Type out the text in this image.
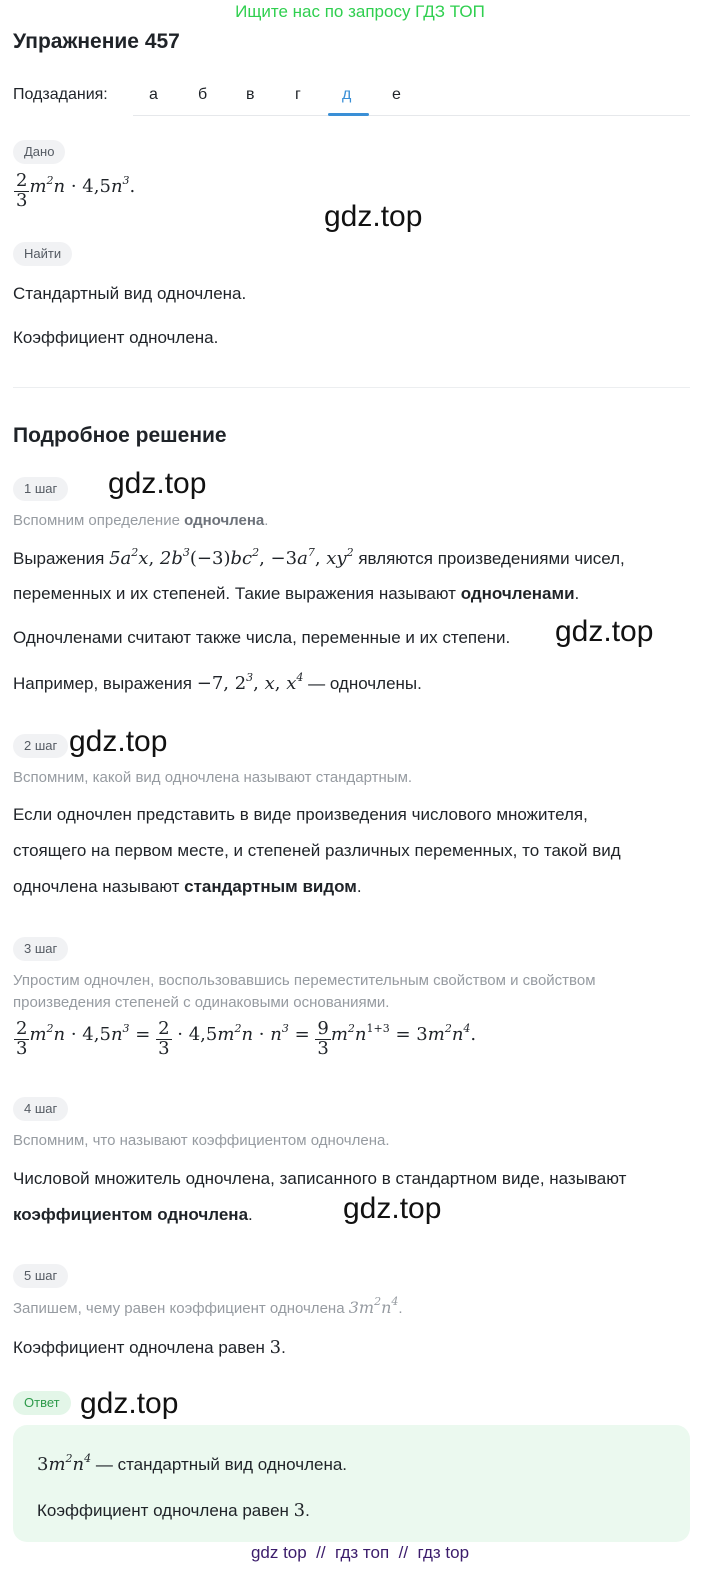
Ищите нас по запросу ГДЗ ТОП
Упражнение 457
Подзадания:	а	б в	г	д	е
Дано
$\frac{2}{3} m^2n \cdot 4,5n^3$.
gdz.top
Найти
Стандартный вид одночлена.
Коэффициент одночлена.
Подробное решение
1 шаг	gdz.top
Вспомним определение одночлена.
Выражения $5a^2x$, $2b^3(-3)bc^2$, $-3a^7$, $xy^2$ являются произведениями чисел,
переменных и их степеней. Такие выражения называют одночленами.
Одночленами считают также числа, переменные и их степени. gdz.top
Например, выражения −7, $2^3$, x, $x^4$ — одночлены.
2 шаг gdz.top
Вспомним, какой вид одночлена называют стандартным.
Если одночлен представить в виде произведения числового множителя,
стоящего на первом месте, и степеней различных переменных, то такой вид
одночлена называют стандартным видом.
3 шаг
Упростим одночлен, воспользовавшись переместительным свойством и свойством
произведения степеней с одинаковыми основаниями.
$\frac{2}{3} m^2n \cdot 4,5n^3 = \frac{2}{3} \cdot 4,5m^2n \cdot n^3 = \frac{9}{3} m^2n^{1+3} = 3m^2n^4$.
4 шаг
Вспомним, что называют коэффициентом одночлена.
Числовой множитель одночлена, записанного в стандартном виде, называют
коэффициентом одночлена.	gdz.top
5 шаг
Запишем, чему равен коэффициент одночлена $3m^2n^4$.
Коэффициент одночлена равен 3.
Ответ gdz.top
$3m^2n^4$ — стандартный вид одночлена.
Коэффициент одночлена равен 3.
gdz top  //  гдз топ  //  гдз top
